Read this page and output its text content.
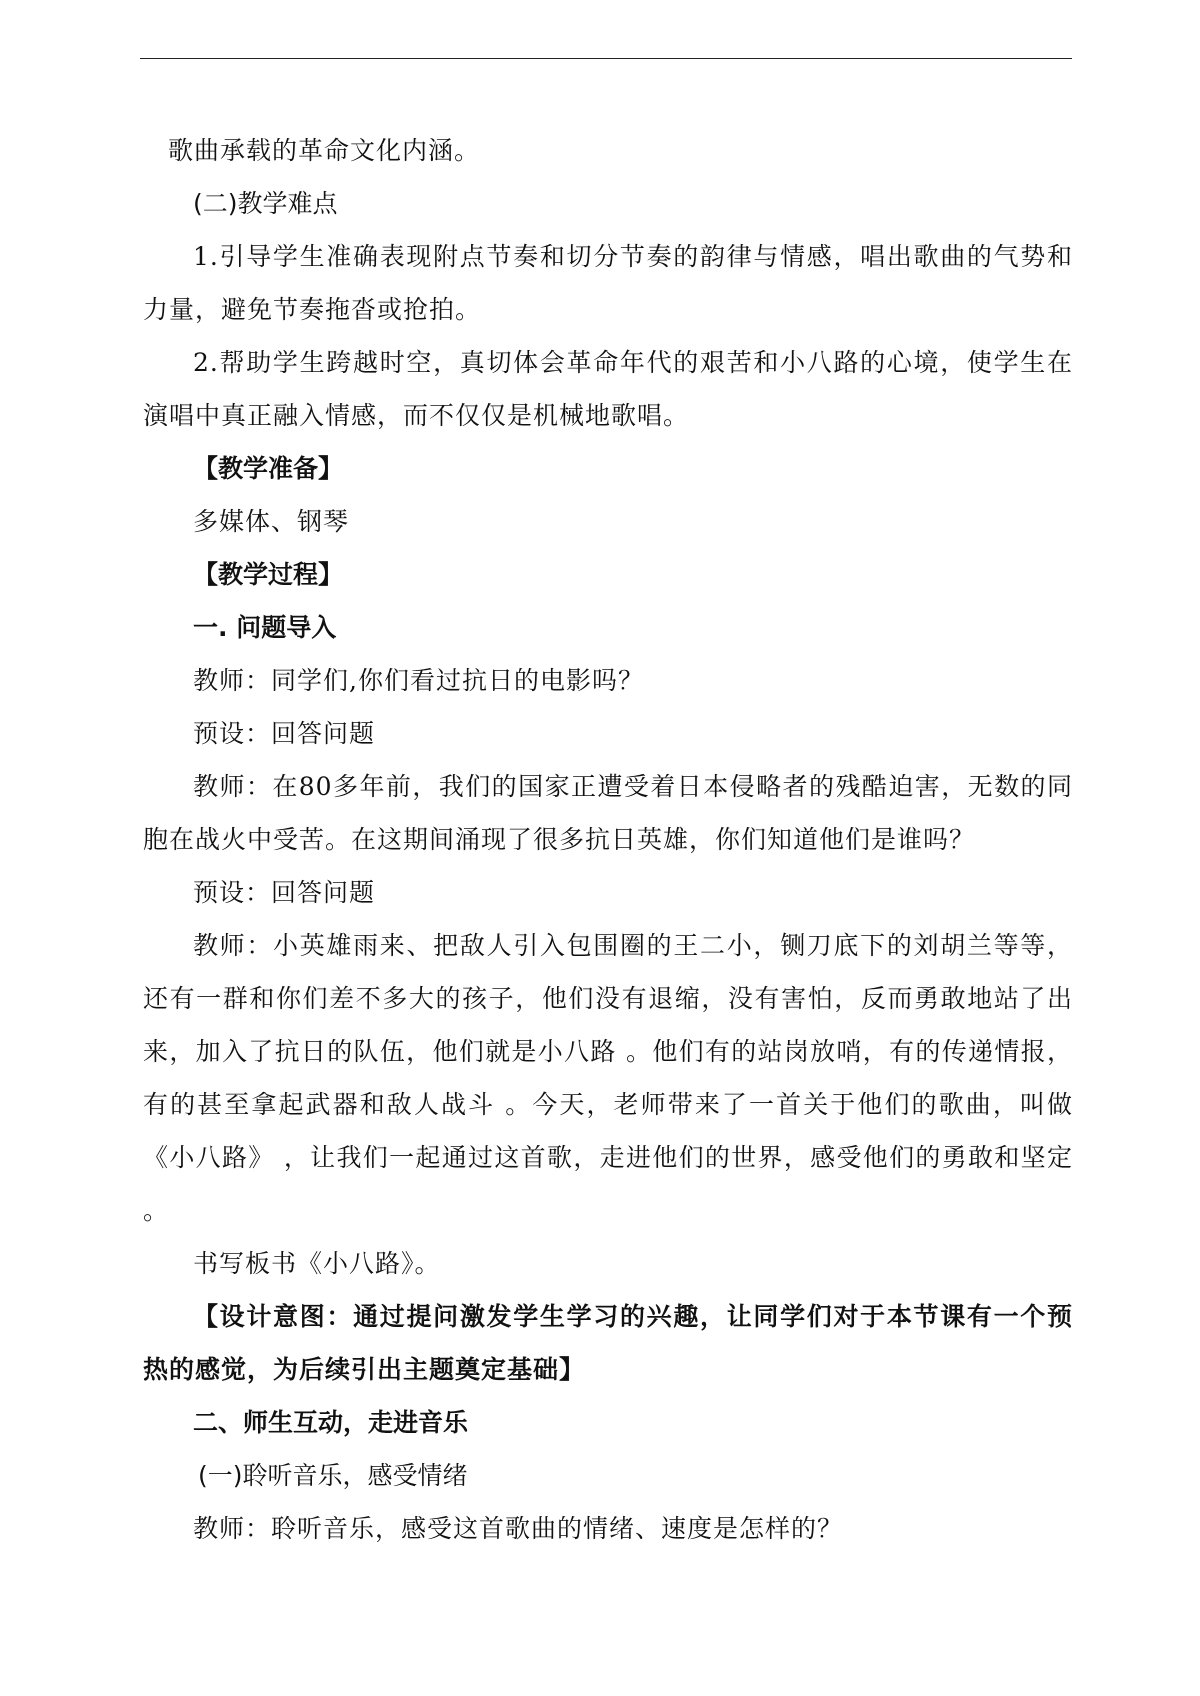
歌曲承载的革命文化内涵。

(二)教学难点

1.引导学生准确表现附点节奏和切分节奏的韵律与情感，唱出歌曲的气势和力量，避免节奏拖沓或抢拍。

2.帮助学生跨越时空，真切体会革命年代的艰苦和小八路的心境，使学生在演唱中真正融入情感，而不仅仅是机械地歌唱。

【教学准备】

多媒体、钢琴

【教学过程】

一. 问题导入

教师：同学们,你们看过抗日的电影吗？

预设：回答问题

教师：在80多年前，我们的国家正遭受着日本侵略者的残酷迫害，无数的同胞在战火中受苦。在这期间涌现了很多抗日英雄，你们知道他们是谁吗？

预设：回答问题

教师：小英雄雨来、把敌人引入包围圈的王二小，铡刀底下的刘胡兰等等，还有一群和你们差不多大的孩子，他们没有退缩，没有害怕，反而勇敢地站了出来，加入了抗日的队伍，他们就是小八路 。他们有的站岗放哨，有的传递情报，有的甚至拿起武器和敌人战斗 。今天，老师带来了一首关于他们的歌曲，叫做《小八路》 ，让我们一起通过这首歌，走进他们的世界，感受他们的勇敢和坚定 。

书写板书《小八路》。

【设计意图：通过提问激发学生学习的兴趣，让同学们对于本节课有一个预热的感觉，为后续引出主题奠定基础】

二、师生互动，走进音乐

(一)聆听音乐，感受情绪

教师：聆听音乐，感受这首歌曲的情绪、速度是怎样的？
